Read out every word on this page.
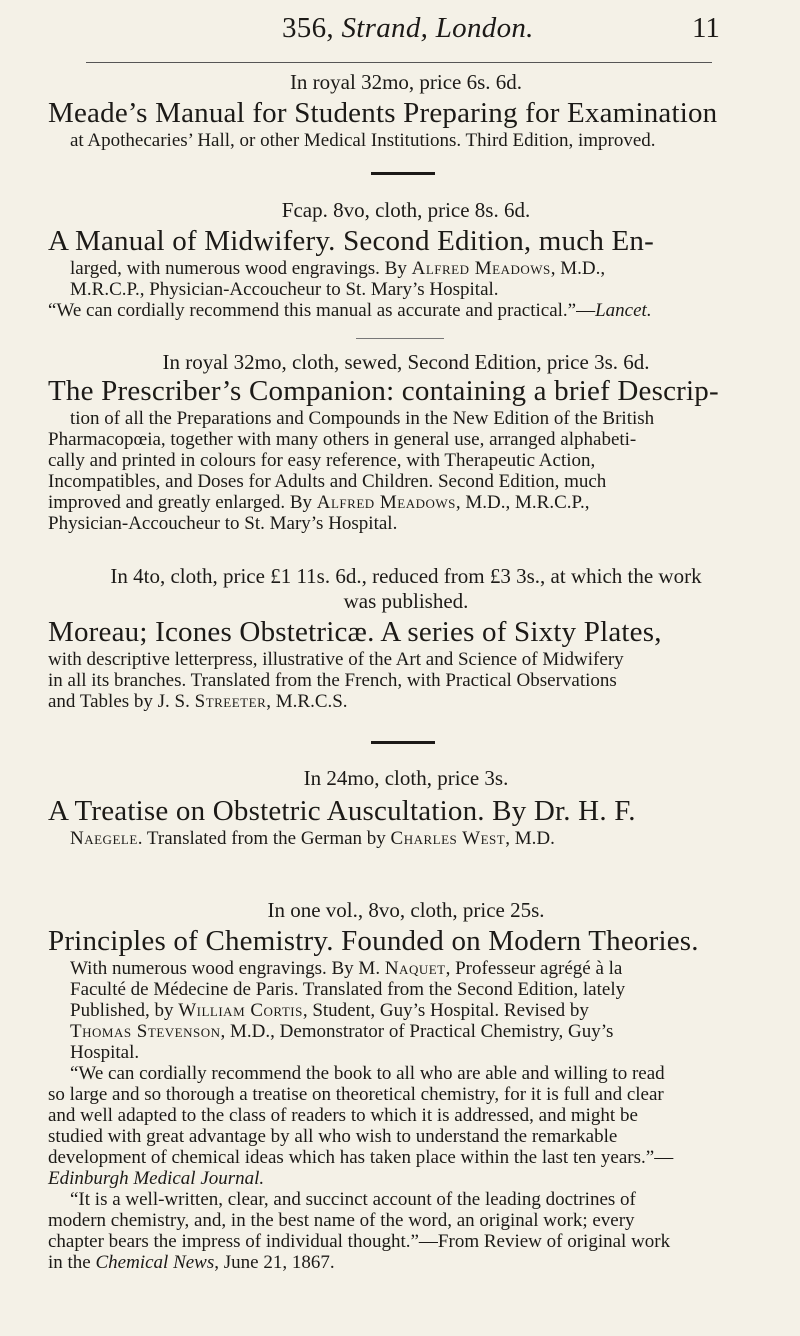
356, Strand, London.	11
In royal 32mo, price 6s. 6d.
Meade’s Manual for Students Preparing for Examination
at Apothecaries’ Hall, or other Medical Institutions. Third Edition, improved.
Fcap. 8vo, cloth, price 8s. 6d.
A Manual of Midwifery. Second Edition, much En-
larged, with numerous wood engravings. By Alfred Meadows, M.D.,
M.R.C.P., Physician-Accoucheur to St. Mary’s Hospital.
“We can cordially recommend this manual as accurate and practical.”—Lancet.
In royal 32mo, cloth, sewed, Second Edition, price 3s. 6d.
The Prescriber’s Companion: containing a brief Descrip-
tion of all the Preparations and Compounds in the New Edition of the British
Pharmacopœia, together with many others in general use, arranged alphabeti-
cally and printed in colours for easy reference, with Therapeutic Action,
Incompatibles, and Doses for Adults and Children. Second Edition, much
improved and greatly enlarged. By Alfred Meadows, M.D., M.R.C.P.,
Physician-Accoucheur to St. Mary’s Hospital.
In 4to, cloth, price £1 11s. 6d., reduced from £3 3s., at which the work
was published.
Moreau; Icones Obstetricæ. A series of Sixty Plates,
with descriptive letterpress, illustrative of the Art and Science of Midwifery
in all its branches. Translated from the French, with Practical Observations
and Tables by J. S. Streeter, M.R.C.S.
In 24mo, cloth, price 3s.
A Treatise on Obstetric Auscultation. By Dr. H. F.
Naegele. Translated from the German by Charles West, M.D.
In one vol., 8vo, cloth, price 25s.
Principles of Chemistry. Founded on Modern Theories.
With numerous wood engravings. By M. Naquet, Professeur agrégé à la
Faculté de Médecine de Paris. Translated from the Second Edition, lately
Published, by William Cortis, Student, Guy’s Hospital. Revised by
Thomas Stevenson, M.D., Demonstrator of Practical Chemistry, Guy’s
Hospital.
“We can cordially recommend the book to all who are able and willing to read
so large and so thorough a treatise on theoretical chemistry, for it is full and clear
and well adapted to the class of readers to which it is addressed, and might be
studied with great advantage by all who wish to understand the remarkable
development of chemical ideas which has taken place within the last ten years.”—
Edinburgh Medical Journal.
“It is a well-written, clear, and succinct account of the leading doctrines of
modern chemistry, and, in the best name of the word, an original work; every
chapter bears the impress of individual thought.”—From Review of original work
in the Chemical News, June 21, 1867.
